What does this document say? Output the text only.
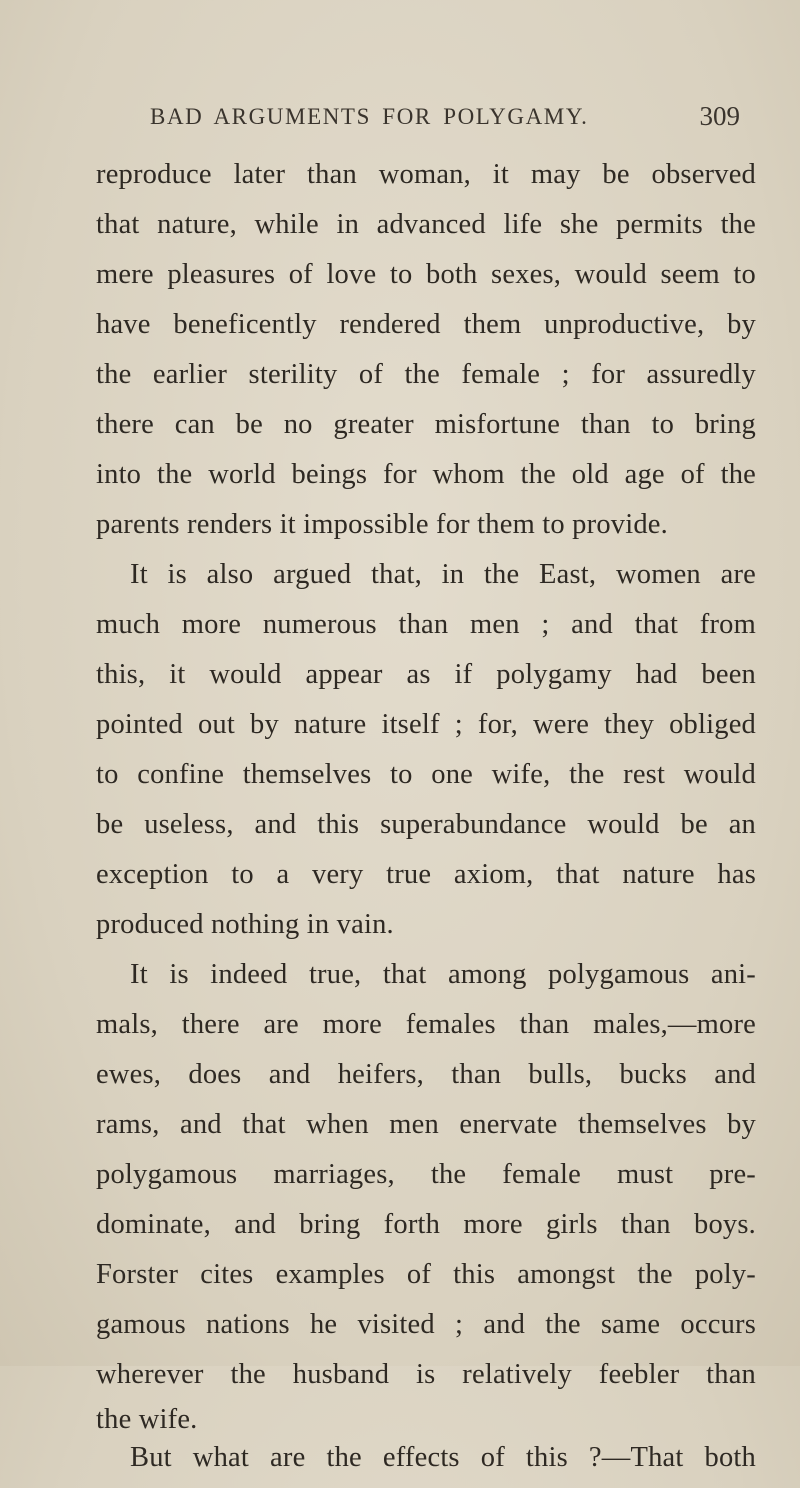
BAD ARGUMENTS FOR POLYGAMY.	309
reproduce later than woman, it may be observed
that nature, while in advanced life she permits the
mere pleasures of love to both sexes, would seem to
have beneficently rendered them unproductive, by
the earlier sterility of the female ; for assuredly
there can be no greater misfortune than to bring
into the world beings for whom the old age of the
parents renders it impossible for them to provide.
It is also argued that, in the East, women are
much more numerous than men ; and that from
this, it would appear as if polygamy had been
pointed out by nature itself ; for, were they obliged
to confine themselves to one wife, the rest would
be useless, and this superabundance would be an
exception to a very true axiom, that nature has
produced nothing in vain.
It is indeed true, that among polygamous ani-
mals, there are more females than males,—more
ewes, does and heifers, than bulls, bucks and
rams, and that when men enervate themselves by
polygamous marriages, the female must pre-
dominate, and bring forth more girls than boys.
Forster cites examples of this amongst the poly-
gamous nations he visited ; and the same occurs
wherever the husband is relatively feebler than
the wife.
But what are the effects of this ?—That both
